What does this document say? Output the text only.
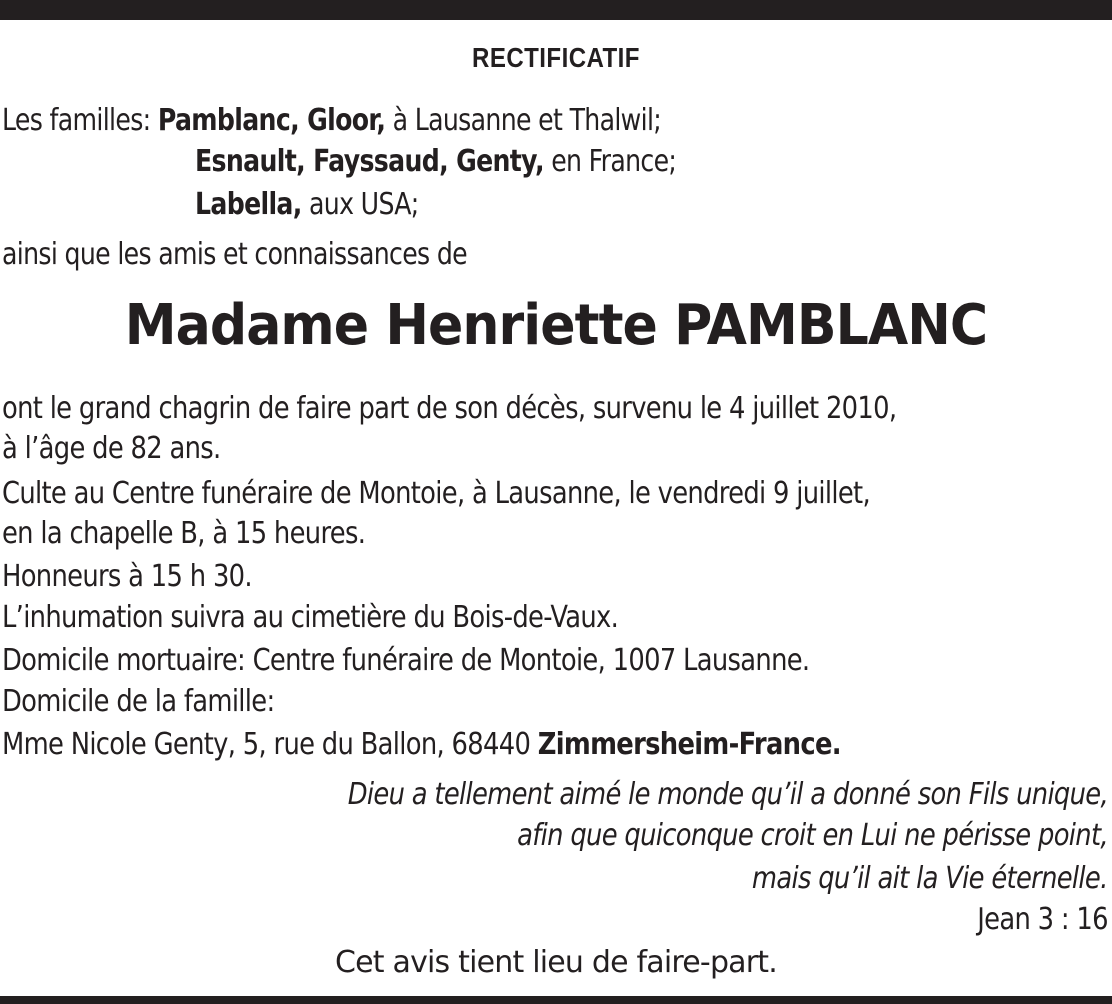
RECTIFICATIF
Les familles: Pamblanc, Gloor, à Lausanne et Thalwil;
Esnault, Fayssaud, Genty, en France;
Labella, aux USA;
ainsi que les amis et connaissances de
Madame Henriette PAMBLANC
ont le grand chagrin de faire part de son décès, survenu le 4 juillet 2010,
à l’âge de 82 ans.
Culte au Centre funéraire de Montoie, à Lausanne, le vendredi 9 juillet,
en la chapelle B, à 15 heures.
Honneurs à 15 h 30.
L’inhumation suivra au cimetière du Bois-de-Vaux.
Domicile mortuaire: Centre funéraire de Montoie, 1007 Lausanne.
Domicile de la famille:
Mme Nicole Genty, 5, rue du Ballon, 68440 Zimmersheim-France.
Dieu a tellement aimé le monde qu’il a donné son Fils unique,
afin que quiconque croit en Lui ne périsse point,
mais qu’il ait la Vie éternelle.
Jean 3 : 16
Cet avis tient lieu de faire-part.
